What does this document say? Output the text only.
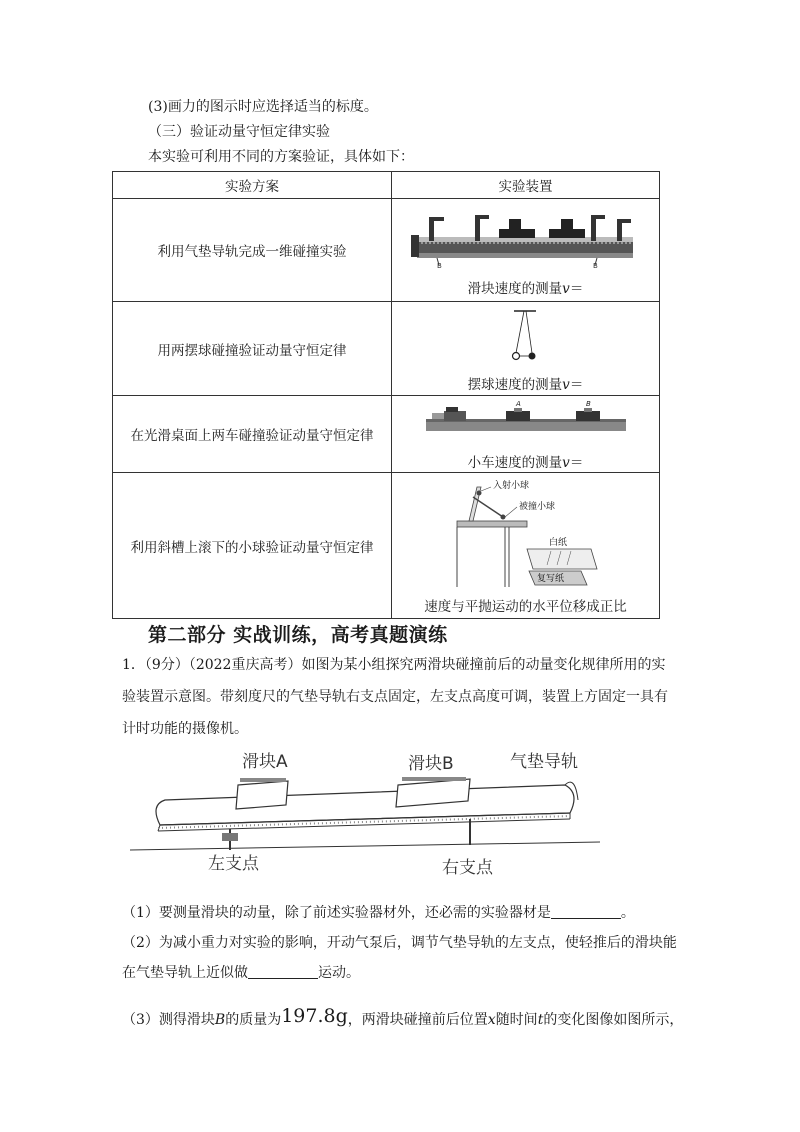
(3)画力的图示时应选择适当的标度。
（三）验证动量守恒定律实验
本实验可利用不同的方案验证，具体如下：
实验方案	实验装置
利用气垫导轨完成一维碰撞实验	B B
滑块速度的测量v＝

用两摆球碰撞验证动量守恒定律	摆球速度的测量v＝

在光滑桌面上两车碰撞验证动量守恒定律	A B
小车速度的测量v＝

利用斜槽上滚下的小球验证动量守恒定律	入射小球
被撞小球
白纸
复写纸
速度与平抛运动的水平位移成正比
第二部分 实战训练，高考真题演练
1．（9分）（2022重庆高考）如图为某小组探究两滑块碰撞前后的动量变化规律所用的实
验装置示意图。带刻度尺的气垫导轨右支点固定，左支点高度可调，装置上方固定一具有
计时功能的摄像机。
滑块A	滑块B	气垫导轨
左支点	右支点
（1）要测量滑块的动量，除了前述实验器材外，还必需的实验器材是	。
（2）为减小重力对实验的影响，开动气泵后，调节气垫导轨的左支点，使轻推后的滑块能
在气垫导轨上近似做	运动。
（3）测得滑块B的质量为197.8g，两滑块碰撞前后位置x随时间t的变化图像如图所示，
